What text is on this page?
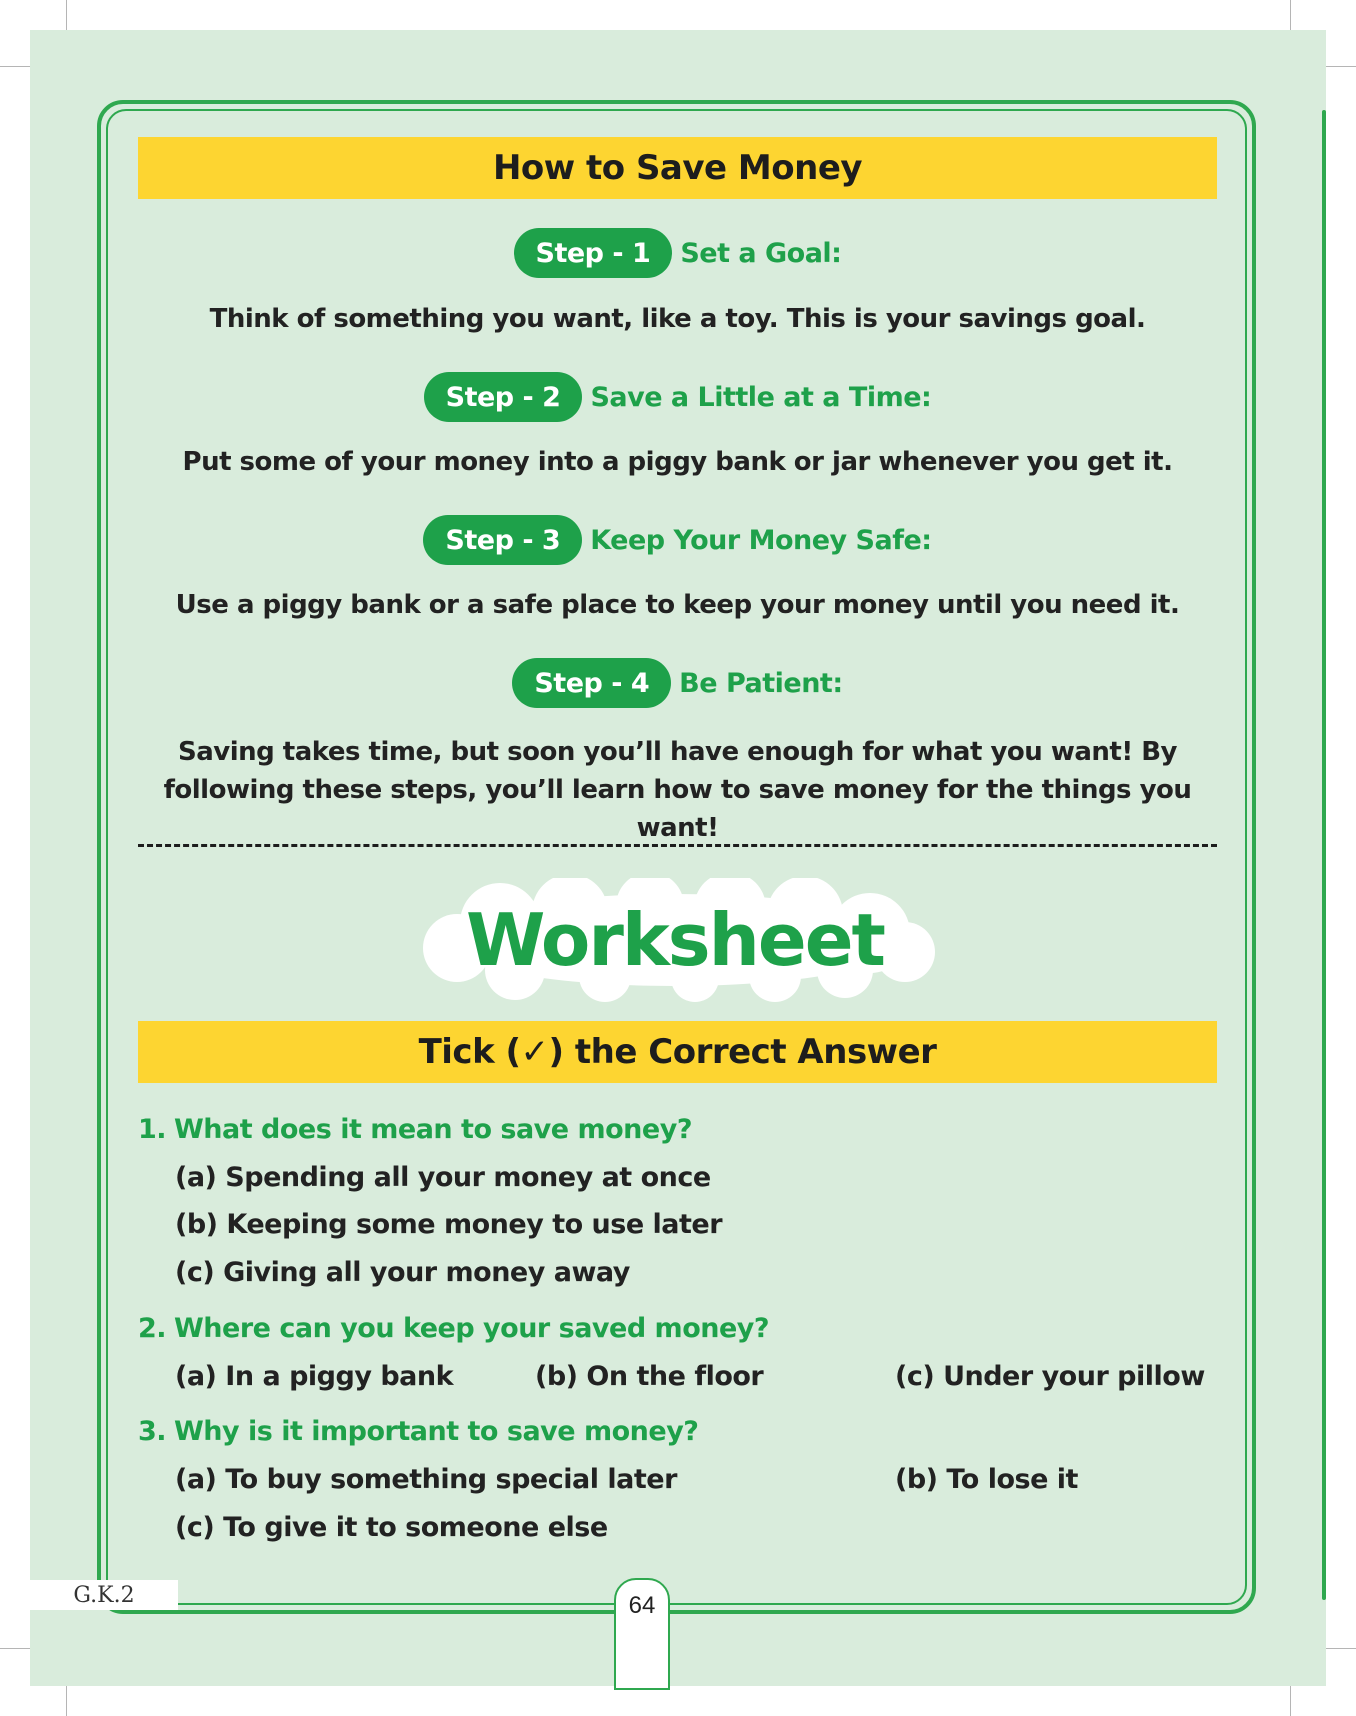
How to Save Money
Step - 1	Set a Goal:
Think of something you want, like a toy. This is your savings goal.
Step - 2	Save a Little at a Time:
Put some of your money into a piggy bank or jar whenever you get it.
Step - 3	Keep Your Money Safe:
Use a piggy bank or a safe place to keep your money until you need it.
Step - 4	Be Patient:
Saving takes time, but soon you’ll have enough for what you want! By following these steps, you’ll learn how to save money for the things you want!
Worksheet
Tick (✓) the Correct Answer
1. What does it mean to save money?
(a) Spending all your money at once
(b) Keeping some money to use later
(c) Giving all your money away
2. Where can you keep your saved money?
(a) In a piggy bank	(b) On the floor	(c) Under your pillow
3. Why is it important to save money?
(a) To buy something special later	(b) To lose it
(c) To give it to someone else
G.K.2	64
